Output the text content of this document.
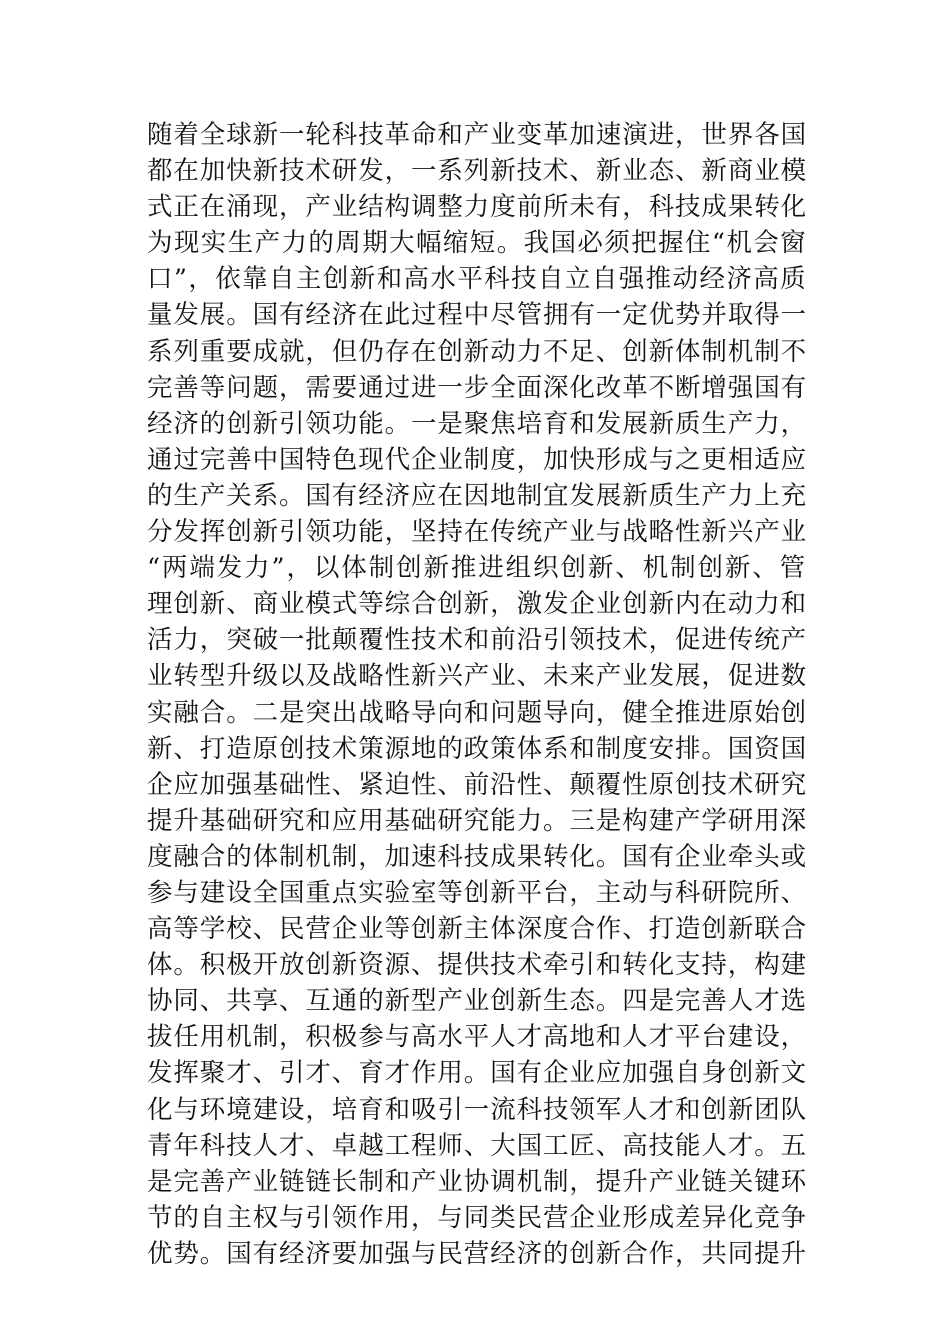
随着全球新一轮科技革命和产业变革加速演进，世界各国
都在加快新技术研发，一系列新技术、新业态、新商业模
式正在涌现，产业结构调整力度前所未有，科技成果转化
为现实生产力的周期大幅缩短。我国必须把握住“机会窗
口”，依靠自主创新和高水平科技自立自强推动经济高质
量发展。国有经济在此过程中尽管拥有一定优势并取得一
系列重要成就，但仍存在创新动力不足、创新体制机制不
完善等问题，需要通过进一步全面深化改革不断增强国有
经济的创新引领功能。一是聚焦培育和发展新质生产力，
通过完善中国特色现代企业制度，加快形成与之更相适应
的生产关系。国有经济应在因地制宜发展新质生产力上充
分发挥创新引领功能，坚持在传统产业与战略性新兴产业
“两端发力”，以体制创新推进组织创新、机制创新、管
理创新、商业模式等综合创新，激发企业创新内在动力和
活力，突破一批颠覆性技术和前沿引领技术，促进传统产
业转型升级以及战略性新兴产业、未来产业发展，促进数
实融合。二是突出战略导向和问题导向，健全推进原始创
新、打造原创技术策源地的政策体系和制度安排。国资国
企应加强基础性、紧迫性、前沿性、颠覆性原创技术研究
提升基础研究和应用基础研究能力。三是构建产学研用深
度融合的体制机制，加速科技成果转化。国有企业牵头或
参与建设全国重点实验室等创新平台，主动与科研院所、
高等学校、民营企业等创新主体深度合作、打造创新联合
体。积极开放创新资源、提供技术牵引和转化支持，构建
协同、共享、互通的新型产业创新生态。四是完善人才选
拔任用机制，积极参与高水平人才高地和人才平台建设，
发挥聚才、引才、育才作用。国有企业应加强自身创新文
化与环境建设，培育和吸引一流科技领军人才和创新团队
青年科技人才、卓越工程师、大国工匠、高技能人才。五
是完善产业链链长制和产业协调机制，提升产业链关键环
节的自主权与引领作用，与同类民营企业形成差异化竞争
优势。国有经济要加强与民营经济的创新合作，共同提升
